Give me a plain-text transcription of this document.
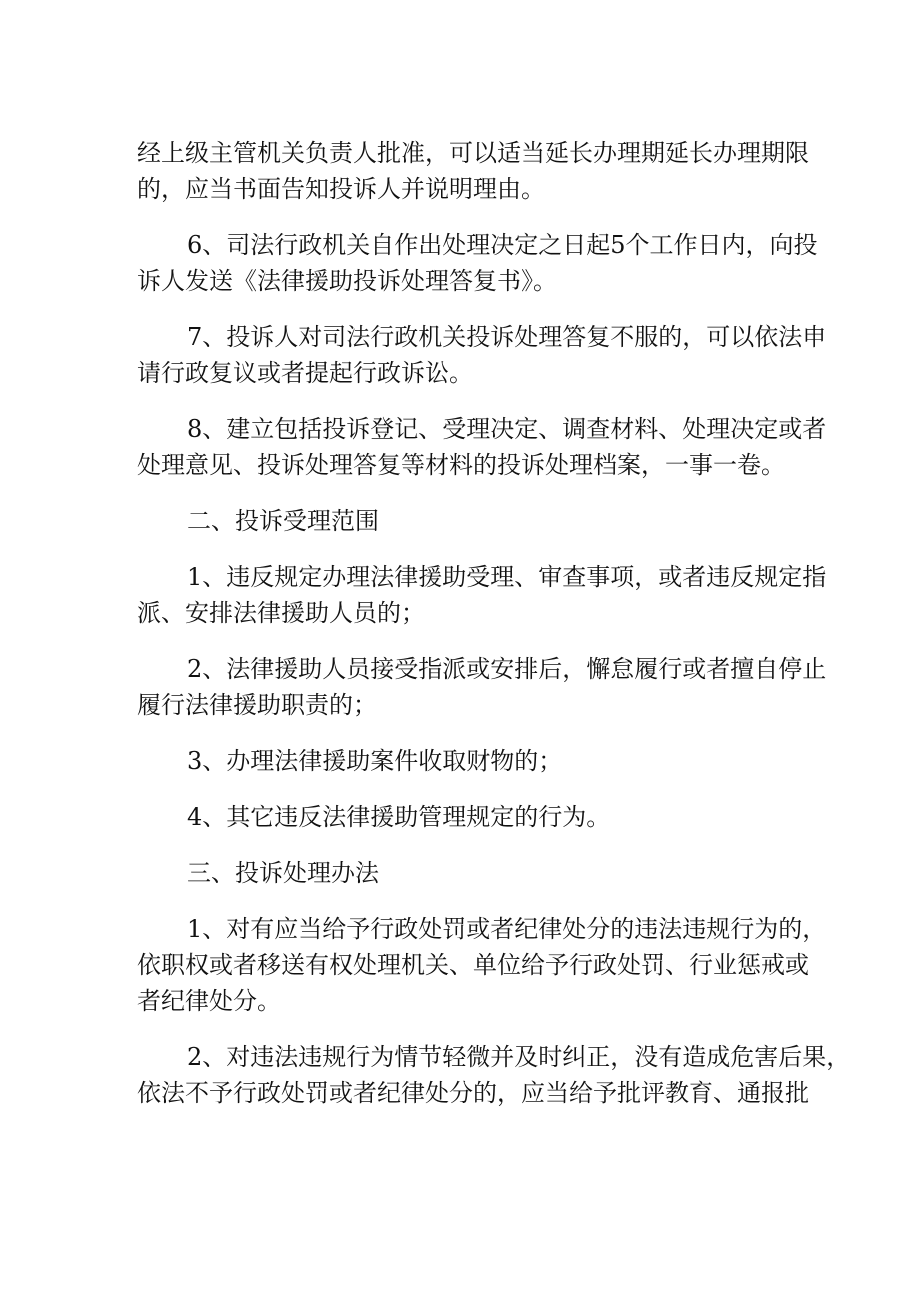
经上级主管机关负责人批准，可以适当延长办理期延长办理期限
的，应当书面告知投诉人并说明理由。
6、司法行政机关自作出处理决定之日起5个工作日内，向投
诉人发送《法律援助投诉处理答复书》。
7、投诉人对司法行政机关投诉处理答复不服的，可以依法申
请行政复议或者提起行政诉讼。
8、建立包括投诉登记、受理决定、调查材料、处理决定或者
处理意见、投诉处理答复等材料的投诉处理档案，一事一卷。
二、投诉受理范围
1、违反规定办理法律援助受理、审查事项，或者违反规定指
派、安排法律援助人员的；
2、法律援助人员接受指派或安排后，懈怠履行或者擅自停止
履行法律援助职责的；
3、办理法律援助案件收取财物的；
4、其它违反法律援助管理规定的行为。
三、投诉处理办法
1、对有应当给予行政处罚或者纪律处分的违法违规行为的，
依职权或者移送有权处理机关、单位给予行政处罚、行业惩戒或
者纪律处分。
2、对违法违规行为情节轻微并及时纠正，没有造成危害后果，
依法不予行政处罚或者纪律处分的，应当给予批评教育、通报批
